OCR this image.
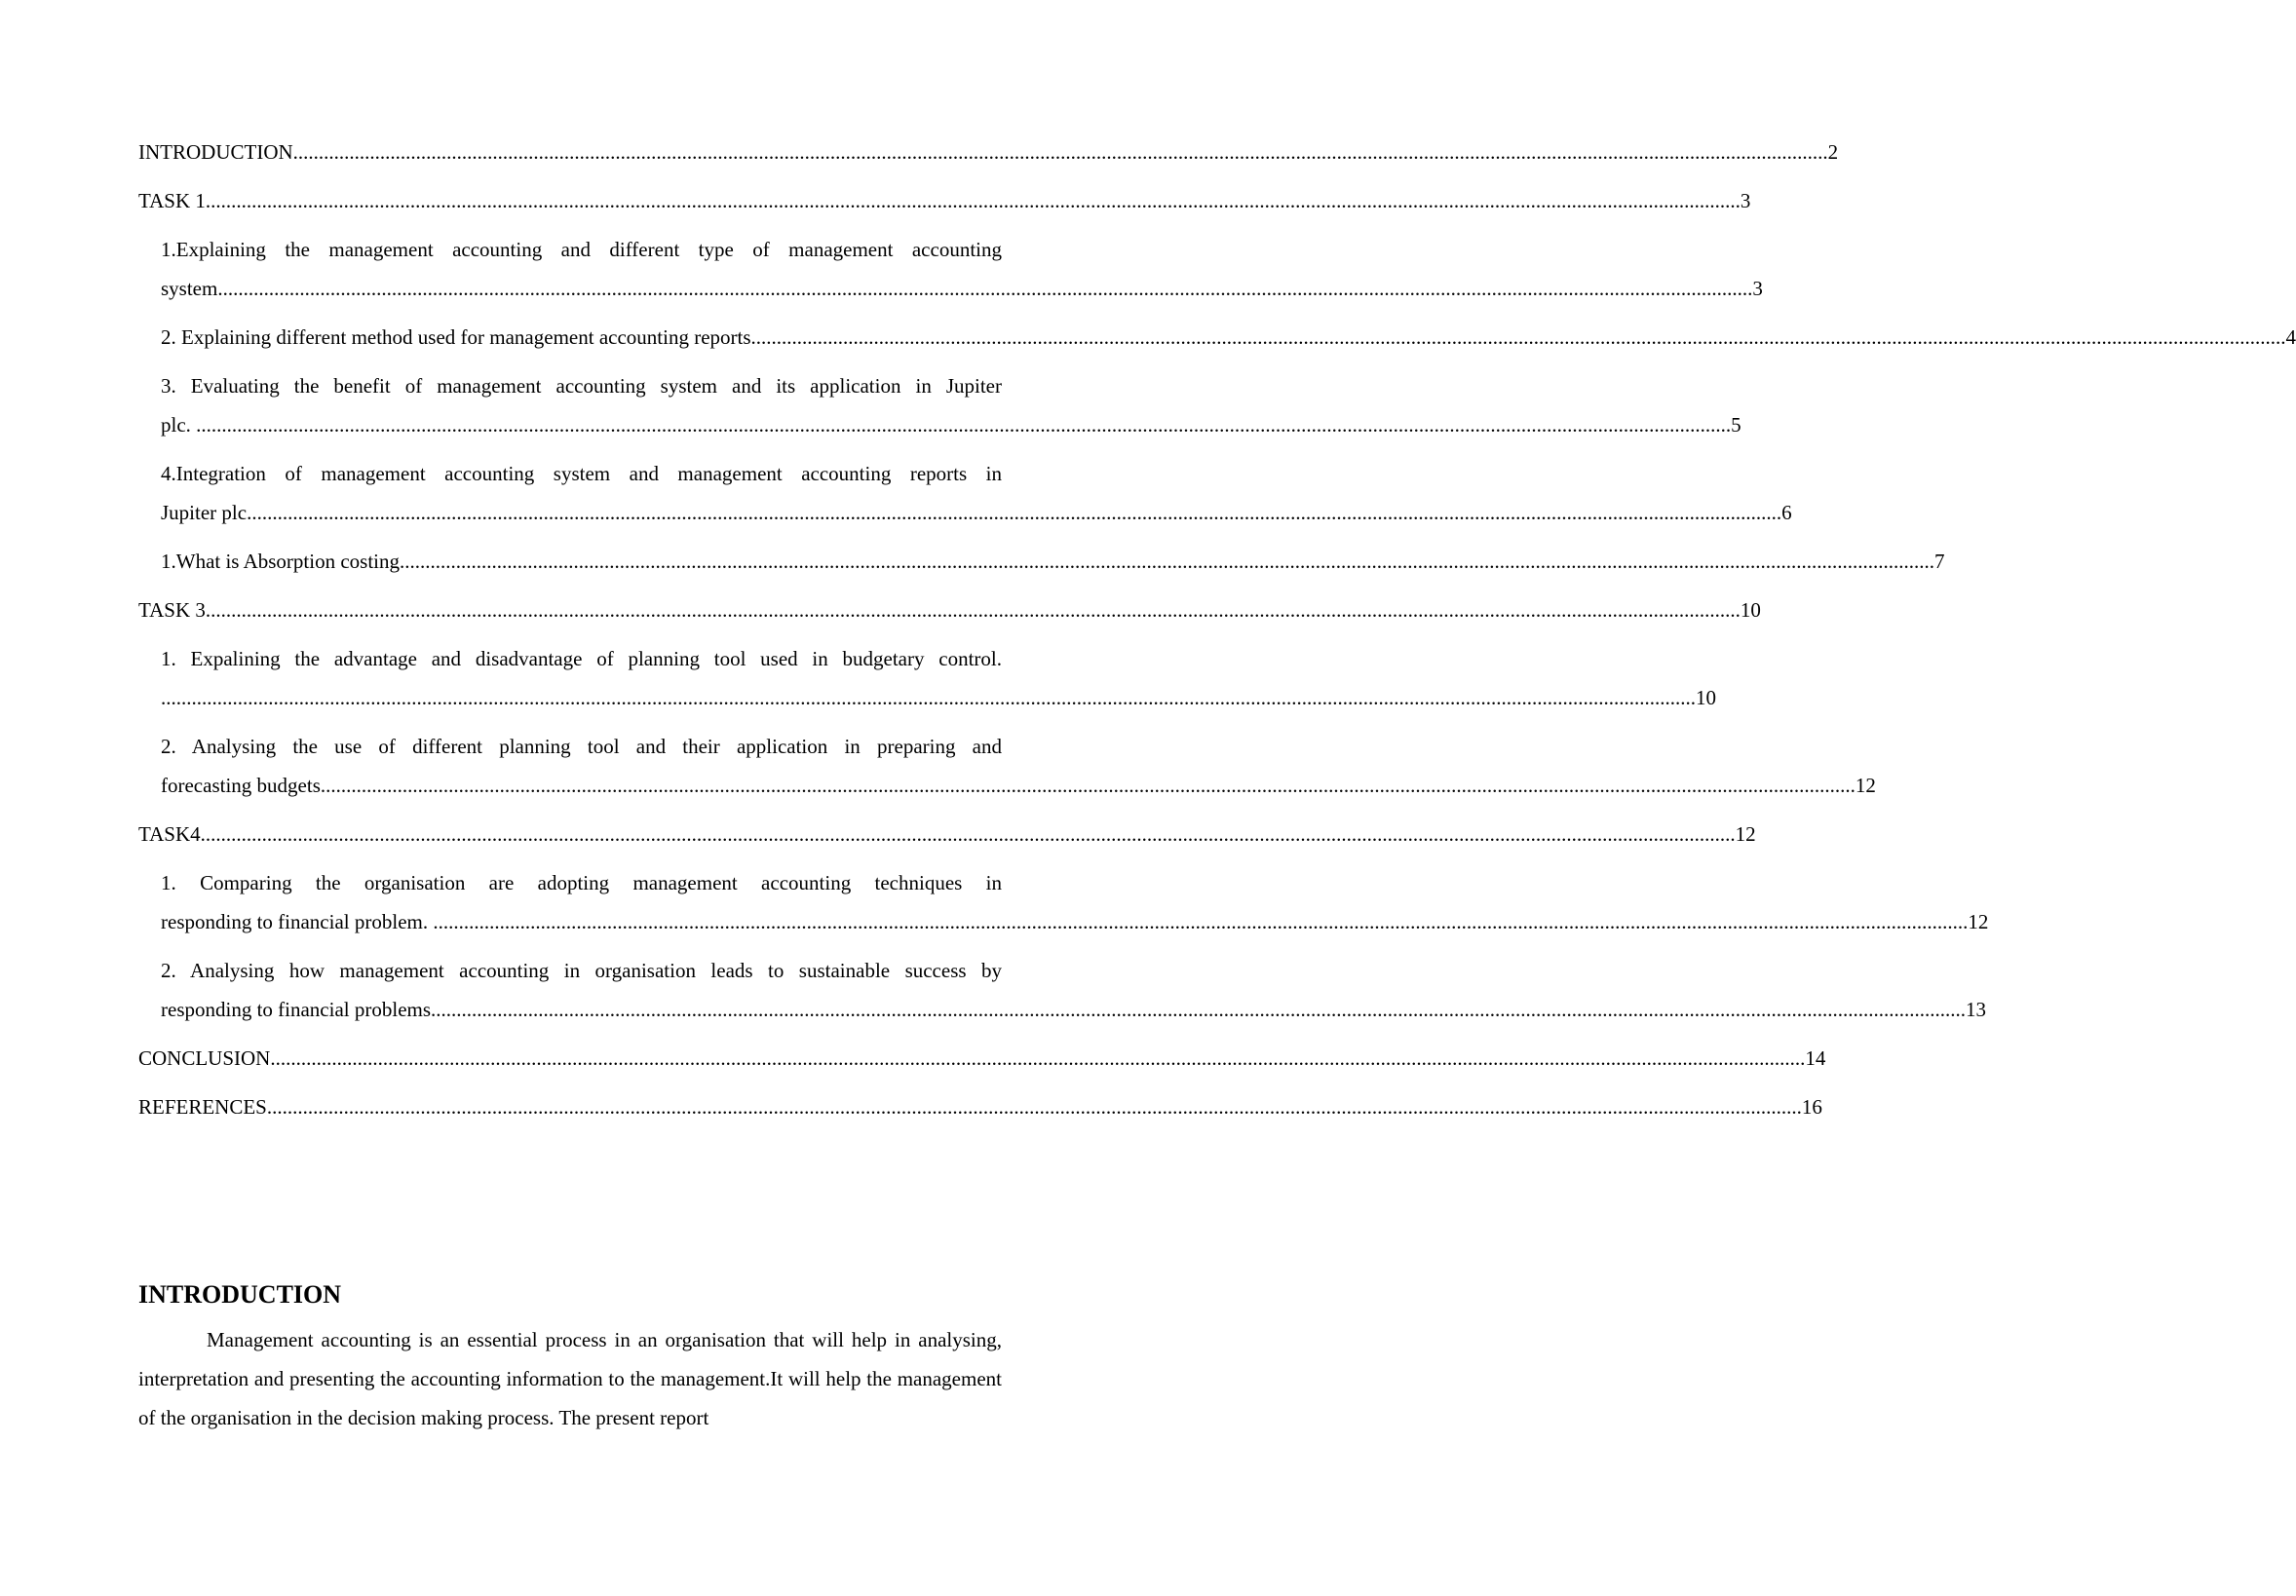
INTRODUCTION ............................................................................................................................................................................................................................................................................................................ 2
TASK 1 ............................................................................................................................................................................................................................................................................................................ 3
1.Explaining the management accounting and different type of management accounting
system ............................................................................................................................................................................................................................................................................................................ 3
2. Explaining different method used for management accounting reports ............................................................................................................................................................................................................................................................................................................ 4
3. Evaluating the benefit of management accounting system and its application in Jupiter
plc. ............................................................................................................................................................................................................................................................................................................ 5
4.Integration of management accounting system and management accounting reports in
Jupiter plc ............................................................................................................................................................................................................................................................................................................ 6
1.What is Absorption costing ............................................................................................................................................................................................................................................................................................................ 7
TASK 3 ............................................................................................................................................................................................................................................................................................................ 10
1. Expalining the advantage and disadvantage of planning tool used in budgetary control.
............................................................................................................................................................................................................................................................................................................ 10
2. Analysing the use of different planning tool and their application in preparing and
forecasting budgets ............................................................................................................................................................................................................................................................................................................ 12
TASK4 ............................................................................................................................................................................................................................................................................................................ 12
1. Comparing the organisation are adopting management accounting techniques in
responding to financial problem. ............................................................................................................................................................................................................................................................................................................ 12
2. Analysing how management accounting in organisation leads to sustainable success by
responding to financial problems ............................................................................................................................................................................................................................................................................................................ 13
CONCLUSION ............................................................................................................................................................................................................................................................................................................ 14
REFERENCES ............................................................................................................................................................................................................................................................................................................ 16
INTRODUCTION

Management accounting is an essential process in an organisation that will help in analysing, interpretation and presenting the accounting information to the management.It will help the management of the organisation in the decision making process. The present report
